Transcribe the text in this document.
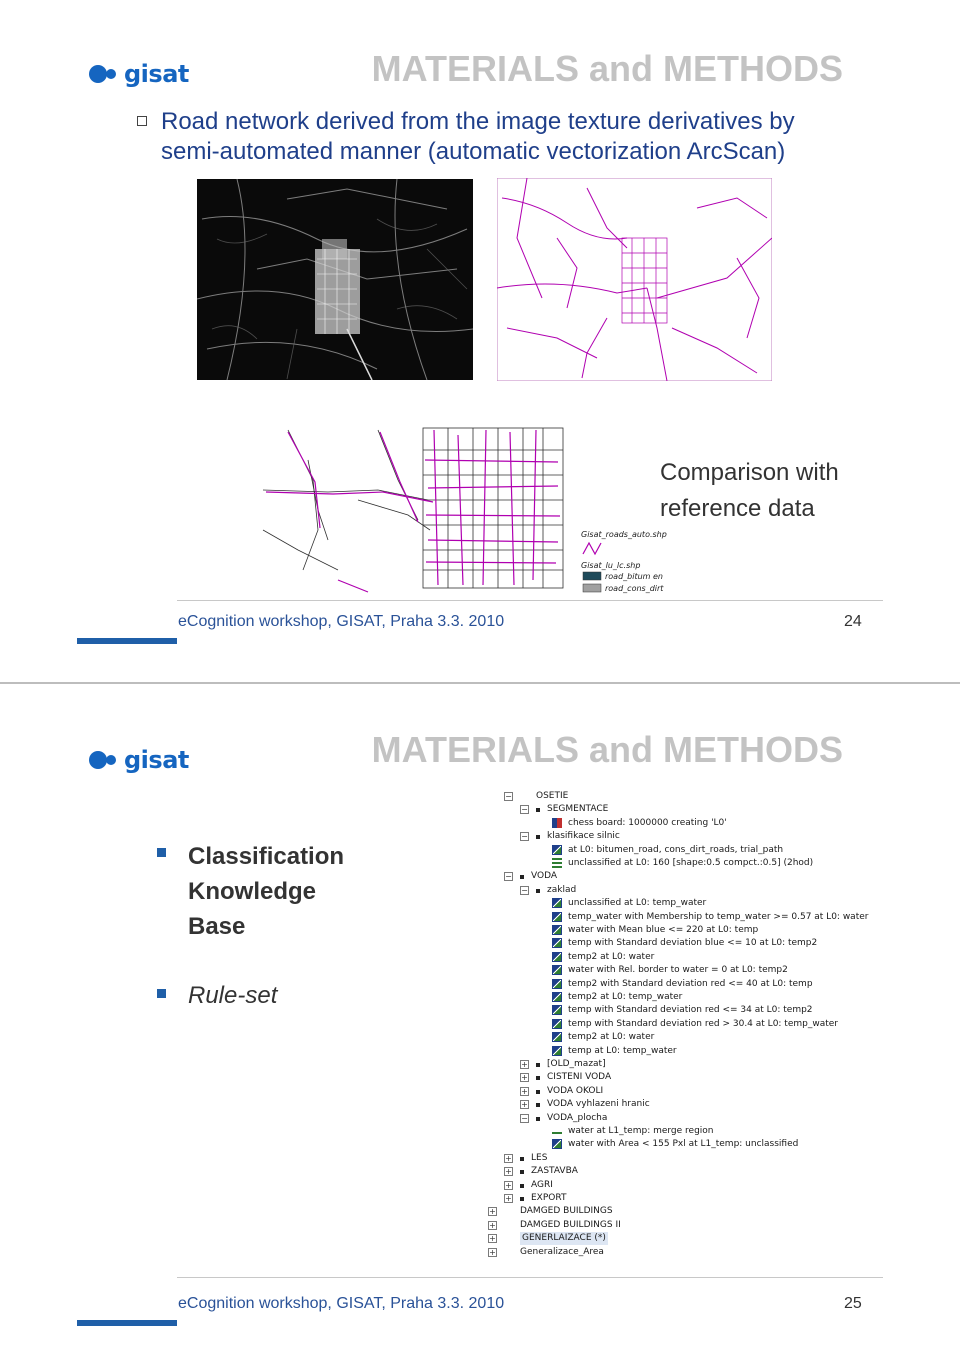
gisat	MATERIALS and METHODS
Road network derived from the image texture derivatives by
semi-automated manner (automatic vectorization ArcScan)
Gisat_roads_auto.shp
Gisat_lu_lc.shp
road_bitum en
road_cons_dirt
Comparison with
reference data
eCognition workshop, GISAT, Praha 3.3. 2010	24
gisat	MATERIALS and METHODS
Classification
Knowledge
Base
Rule-set
−	OSETIE
− SEGMENTACE
chess board: 1000000 creating 'L0'
− klasifikace silnic
at L0: bitumen_road, cons_dirt_roads, trial_path
unclassified at L0: 160 [shape:0.5 compct.:0.5] (2hod)
− VODA
− zaklad
unclassified at L0: temp_water
temp_water with Membership to temp_water >= 0.57 at L0: water
water with Mean blue <= 220 at L0: temp
temp with Standard deviation blue <= 10 at L0: temp2
temp2 at L0: water
water with Rel. border to water = 0 at L0: temp2
temp2 with Standard deviation red <= 40 at L0: temp
temp2 at L0: temp_water
temp with Standard deviation red <= 34 at L0: temp2
temp with Standard deviation red > 30.4 at L0: temp_water
temp2 at L0: water
temp at L0: temp_water
+ [OLD_mazat]
+ CISTENI VODA
+ VODA OKOLI
+ VODA vyhlazeni hranic
− VODA_plocha
water at L1_temp: merge region
water with Area < 155 Pxl at L1_temp: unclassified
+ LES
+ ZASTAVBA
+ AGRI
+ EXPORT
+	DAMGED BUILDINGS
+	DAMGED BUILDINGS II
+	GENERLAIZACE (*)
+	Generalizace_Area
eCognition workshop, GISAT, Praha 3.3. 2010	25
